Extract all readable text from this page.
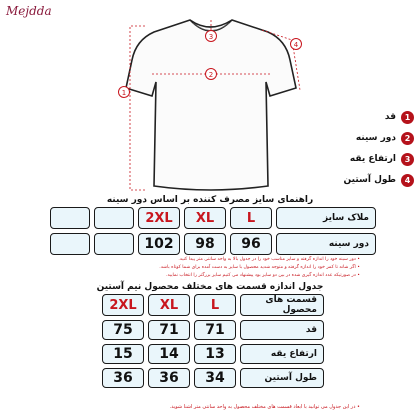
Mejdda
1
2
3
4
قد	1
دور سینه	2
ارتفاع یقه	3
طول آستین	4
راهنمای سایز مصرف کننده بر اساس دور سینه
		2XL	XL	L	ملاک سایز
		102	98	96	دور سینه
• دور سینه خود را اندازه گرفته و سایز مناسب خود را در جدول بالا به واحد سانتی متر پیدا کنید.
• اگر شانه تا کمر خود را اندازه گرفته و متوجه شدید محصول با سایز به دست آمده برای شما کوتاه باشد.
• در صورتیکه عدد اندازه گیری شده در بین دو سایز بود پیشنهاد می کنیم سایز بزرگتر را انتخاب نمایید.
جدول اندازه قسمت های مختلف محصول نیم آستین
2XL	XL	L	قسمت های محصول
75	71	71	قد
15	14	13	ارتفاع یقه
36	36	34	طول آستین
• در این جدول می توانید با ابعاد قسمت های مختلف محصول به واحد سانتی متر آشنا شوید.
